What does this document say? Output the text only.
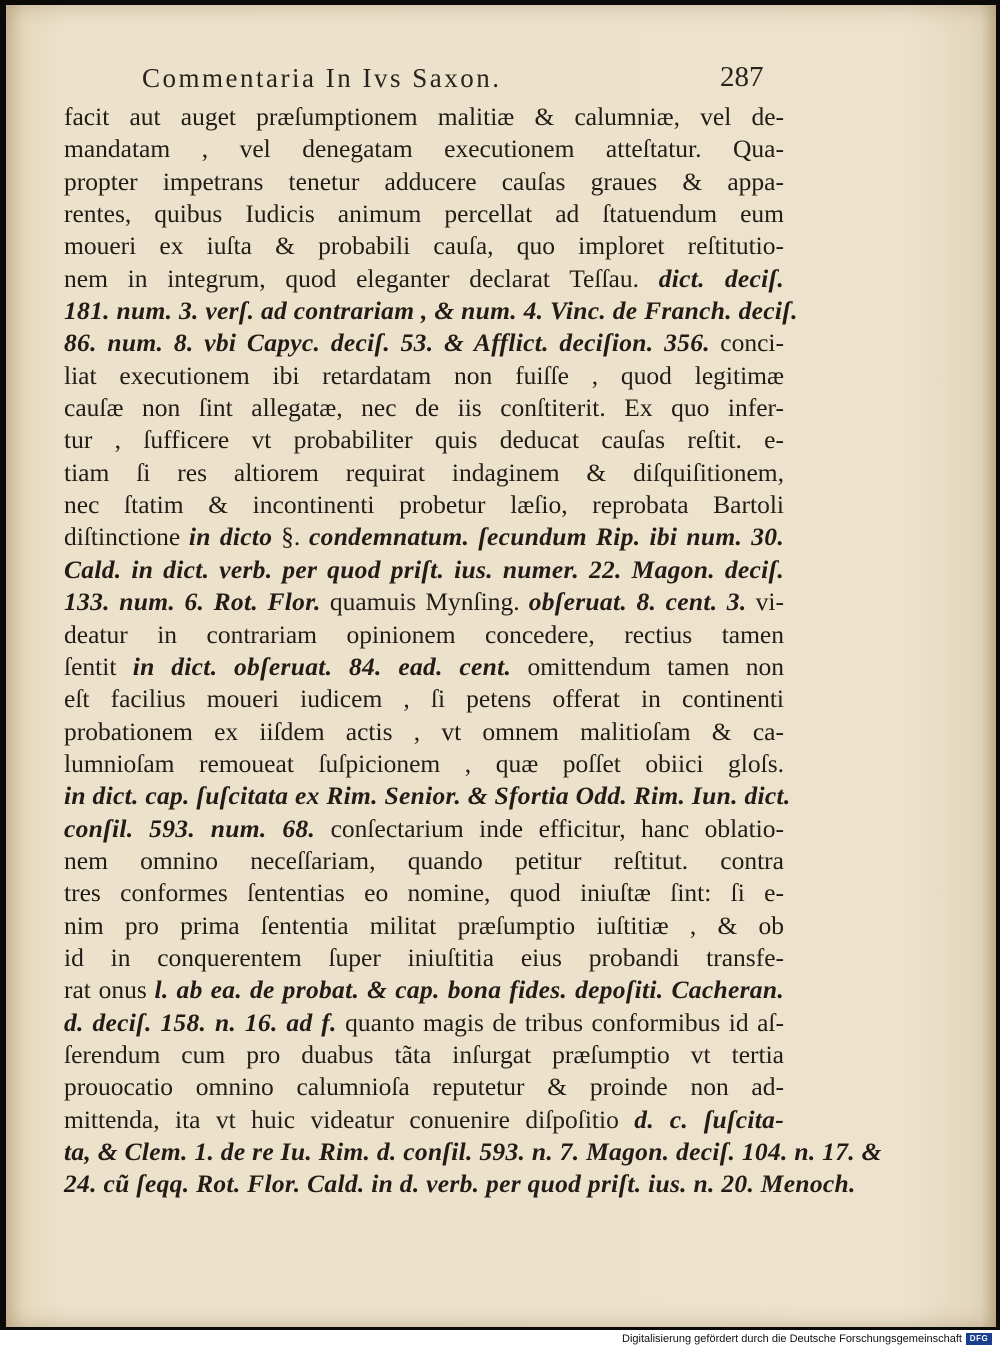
Commentaria In Ivs Saxon.	287
facit aut auget præſumptionem malitiæ & calumniæ, vel de-
mandatam , vel denegatam executionem atteſtatur. Qua-
propter impetrans tenetur adducere cauſas graues & appa-
rentes, quibus Iudicis animum percellat ad ſtatuendum eum
moueri ex iuſta & probabili cauſa, quo imploret reſtitutio-
nem in integrum, quod eleganter declarat Teſſau. dict. deciſ.
181. num. 3. verſ. ad contrariam , & num. 4. Vinc. de Franch. deciſ.
86. num. 8. vbi Capyc. deciſ. 53. & Afflict. deciſion. 356. conci-
liat executionem ibi retardatam non fuiſſe , quod legitimæ
cauſæ non ſint allegatæ, nec de iis conſtiterit. Ex quo infer-
tur , ſufficere vt probabiliter quis deducat cauſas reſtit. e-
tiam ſi res altiorem requirat indaginem & diſquiſitionem,
nec ſtatim & incontinenti probetur læſio, reprobata Bartoli
diſtinctione in dicto §. condemnatum. ſecundum Rip. ibi num. 30.
Cald. in dict. verb. per quod priſt. ius. numer. 22. Magon. deciſ.
133. num. 6. Rot. Flor. quamuis Mynſing. obſeruat. 8. cent. 3. vi-
deatur in contrariam opinionem concedere, rectius tamen
ſentit in dict. obſeruat. 84. ead. cent. omittendum tamen non
eſt facilius moueri iudicem , ſi petens offerat in continenti
probationem ex iiſdem actis , vt omnem malitioſam & ca-
lumnioſam remoueat ſuſpicionem , quæ poſſet obiici gloſs.
in dict. cap. ſuſcitata ex Rim. Senior. & Sfortia Odd. Rim. Iun. dict.
conſil. 593. num. 68. conſectarium inde efficitur, hanc oblatio-
nem omnino neceſſariam, quando petitur reſtitut. contra
tres conformes ſententias eo nomine, quod iniuſtæ ſint: ſi e-
nim pro prima ſententia militat præſumptio iuſtitiæ , & ob
id in conquerentem ſuper iniuſtitia eius probandi transfe-
rat onus l. ab ea. de probat. & cap. bona fides. depoſiti. Cacheran.
d. deciſ. 158. n. 16. ad f. quanto magis de tribus conformibus id aſ-
ſerendum cum pro duabus tãta inſurgat præſumptio vt tertia
prouocatio omnino calumnioſa reputetur & proinde non ad-
mittenda, ita vt huic videatur conuenire diſpoſitio d. c. ſuſcita-
ta, & Clem. 1. de re Iu. Rim. d. conſil. 593. n. 7. Magon. deciſ. 104. n. 17. &
24. cũ ſeqq. Rot. Flor. Cald. in d. verb. per quod priſt. ius. n. 20. Menoch.
Digitalisierung gefördert durch die Deutsche Forschungsgemeinschaft DFG
